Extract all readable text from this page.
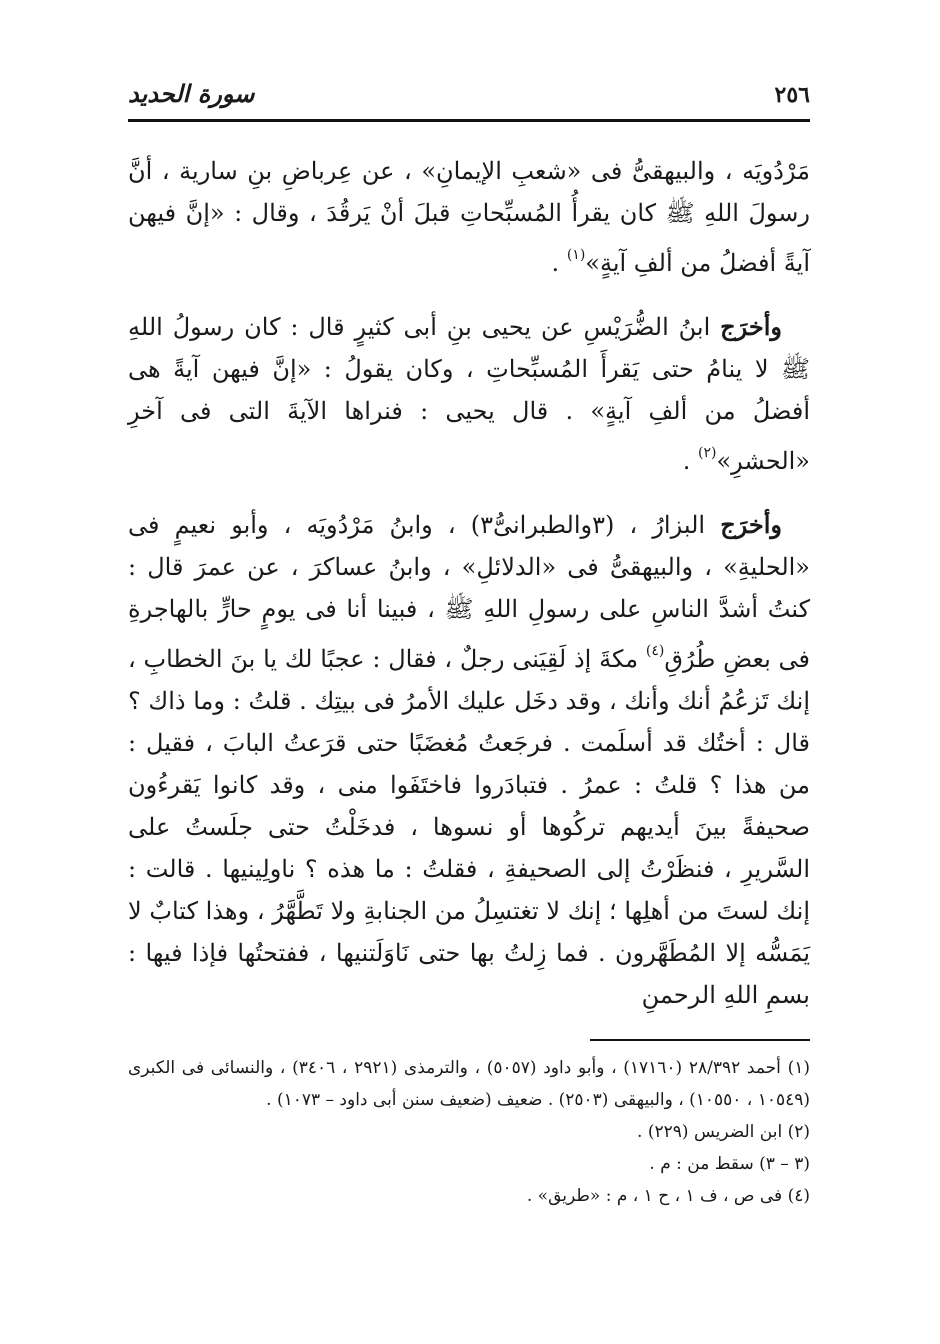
٢٥٦
سورة الحديد

مَرْدُويَه ، والبيهقىُّ فى «شعبِ الإيمانِ» ، عن عِرباضِ بنِ سارية ، أنَّ رسولَ اللهِ ﷺ كان يقرأُ المُسبِّحاتِ قبلَ أنْ يَرقُدَ ، وقال : «إنَّ فيهن آيةً أفضلُ من ألفِ آيةٍ»$^{(١)}$ .

وأخرَج ابنُ الضُّرَيْسِ عن يحيى بنِ أبى كثيرٍ قال : كان رسولُ اللهِ ﷺ لا ينامُ حتى يَقرأَ المُسبِّحاتِ ، وكان يقولُ : «إنَّ فيهن آيةً هى أفضلُ من ألفِ آيةٍ» . قال يحيى : فنراها الآيةَ التى فى آخرِ «الحشرِ»$^{(٢)}$ .

وأخرَج البزارُ ، (٣والطبرانىُّ٣) ، وابنُ مَرْدُويَه ، وأبو نعيمٍ فى «الحليةِ» ، والبيهقىُّ فى «الدلائلِ» ، وابنُ عساكرَ ، عن عمرَ قال : كنتُ أشدَّ الناسِ على رسولِ اللهِ ﷺ ، فبينا أنا فى يومٍ حارٍّ بالهاجرةِ فى بعضِ طُرُقِ$^{(٤)}$ مكةَ إذ لَقِيَنى رجلٌ ، فقال : عجبًا لك يا بنَ الخطابِ ، إنك تَزعُمُ أنك وأنك ، وقد دخَل عليك الأمرُ فى بيتِك . قلتُ : وما ذاك ؟ قال : أختُك قد أسلَمت . فرجَعتُ مُغضَبًا حتى قرَعتُ البابَ ، فقيل : من هذا ؟ قلتُ : عمرُ . فتبادَروا فاختَفَوا منى ، وقد كانوا يَقرءُون صحيفةً بينَ أيديهم تركُوها أو نسوها ، فدخَلْتُ حتى جلَستُ على السَّريرِ ، فنظَرْتُ إلى الصحيفةِ ، فقلتُ : ما هذه ؟ ناولِينيها . قالت : إنك لستَ من أهلِها ؛ إنك لا تغتسِلُ من الجنابةِ ولا تَطَّهَّرُ ، وهذا كتابٌ لا يَمَسُّه إلا المُطَهَّرون . فما زِلتُ بها حتى نَاوَلَتنيها ، ففتحتُها فإذا فيها : بسمِ اللهِ الرحمنِ

(١) أحمد ٢٨/٣٩٢ (١٧١٦٠) ، وأبو داود (٥٠٥٧) ، والترمذى (٢٩٢١ ، ٣٤٠٦) ، والنسائى فى الكبرى (١٠٥٤٩ ، ١٠٥٥٠) ، والبيهقى (٢٥٠٣) . ضعيف (ضعيف سنن أبى داود – ١٠٧٣) .

(٢) ابن الضريس (٢٢٩) .

(٣ – ٣) سقط من : م .

(٤) فى ص ، ف ١ ، ح ١ ، م : «طريق» .
